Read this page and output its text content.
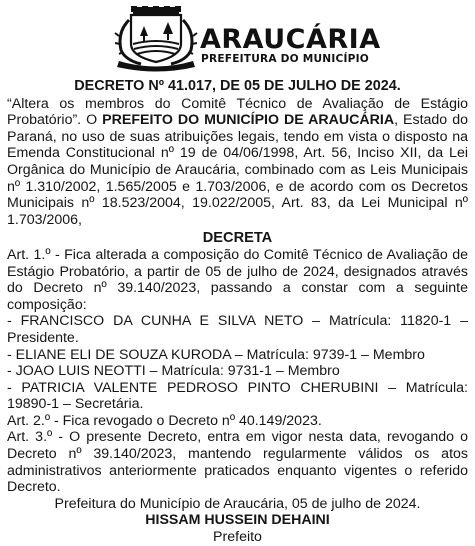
ARAUCÁRIA
PREFEITURA DO MUNICÍPIO
DECRETO Nº 41.017, DE 05 DE JULHO DE 2024.

“Altera os membros do Comitê Técnico de Avaliação de Estágio Probatório”. O PREFEITO DO MUNICÍPIO DE ARAUCÁRIA, Estado do Paraná, no uso de suas atribuições legais, tendo em vista o disposto na Emenda Constitucional nº 19 de 04/06/1998, Art. 56, Inciso XII, da Lei Orgânica do Município de Araucária, combinado com as Leis Municipais nº 1.310/2002, 1.565/2005 e 1.703/2006, e de acordo com os Decretos Municipais nº 18.523/2004, 19.022/2005, Art. 83, da Lei Municipal nº 1.703/2006,

DECRETA

Art. 1.º - Fica alterada a composição do Comitê Técnico de Avaliação de Estágio Probatório, a partir de 05 de julho de 2024, designados através do Decreto nº 39.140/2023, passando a constar com a seguinte composição:

- FRANCISCO DA CUNHA E SILVA NETO – Matrícula: 11820-1 – Presidente.

- ELIANE ELI DE SOUZA KURODA – Matrícula: 9739-1 – Membro

- JOAO LUIS NEOTTI – Matrícula: 9731-1 – Membro

- PATRICIA VALENTE PEDROSO PINTO CHERUBINI – Matrícula: 19890-1 – Secretária.

Art. 2.º - Fica revogado o Decreto nº 40.149/2023.

Art. 3.º - O presente Decreto, entra em vigor nesta data, revogando o Decreto nº 39.140/2023, mantendo regularmente válidos os atos administrativos anteriormente praticados enquanto vigentes o referido Decreto.

Prefeitura do Município de Araucária, 05 de julho de 2024.
HISSAM HUSSEIN DEHAINI
Prefeito
